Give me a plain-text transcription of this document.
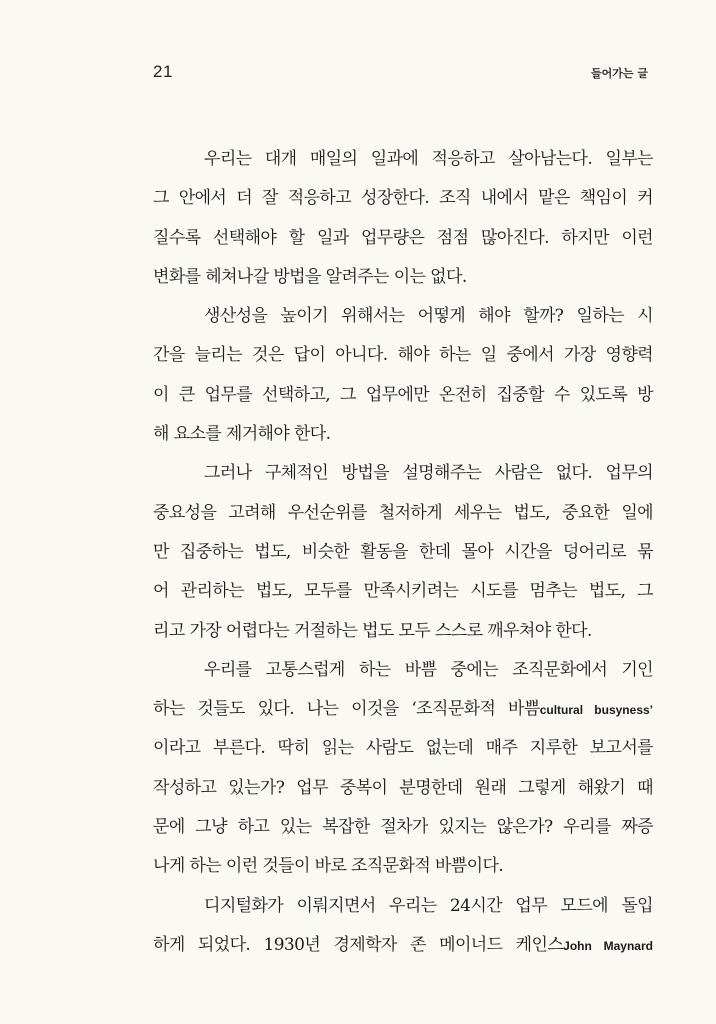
21	들어가는 글
우리는 대개 매일의 일과에 적응하고 살아남는다. 일부는
그 안에서 더 잘 적응하고 성장한다. 조직 내에서 맡은 책임이 커
질수록 선택해야 할 일과 업무량은 점점 많아진다. 하지만 이런
변화를 헤쳐나갈 방법을 알려주는 이는 없다.
생산성을 높이기 위해서는 어떻게 해야 할까? 일하는 시
간을 늘리는 것은 답이 아니다. 해야 하는 일 중에서 가장 영향력
이 큰 업무를 선택하고, 그 업무에만 온전히 집중할 수 있도록 방
해 요소를 제거해야 한다.
그러나 구체적인 방법을 설명해주는 사람은 없다. 업무의
중요성을 고려해 우선순위를 철저하게 세우는 법도, 중요한 일에
만 집중하는 법도, 비슷한 활동을 한데 몰아 시간을 덩어리로 묶
어 관리하는 법도, 모두를 만족시키려는 시도를 멈추는 법도, 그
리고 가장 어렵다는 거절하는 법도 모두 스스로 깨우쳐야 한다.
우리를 고통스럽게 하는 바쁨 중에는 조직문화에서 기인
하는 것들도 있다. 나는 이것을 ‘조직문화적 바쁨cultural busyness’
이라고 부른다. 딱히 읽는 사람도 없는데 매주 지루한 보고서를
작성하고 있는가? 업무 중복이 분명한데 원래 그렇게 해왔기 때
문에 그냥 하고 있는 복잡한 절차가 있지는 않은가? 우리를 짜증
나게 하는 이런 것들이 바로 조직문화적 바쁨이다.
디지털화가 이뤄지면서 우리는 24시간 업무 모드에 돌입
하게 되었다. 1930년 경제학자 존 메이너드 케인스John Maynard
